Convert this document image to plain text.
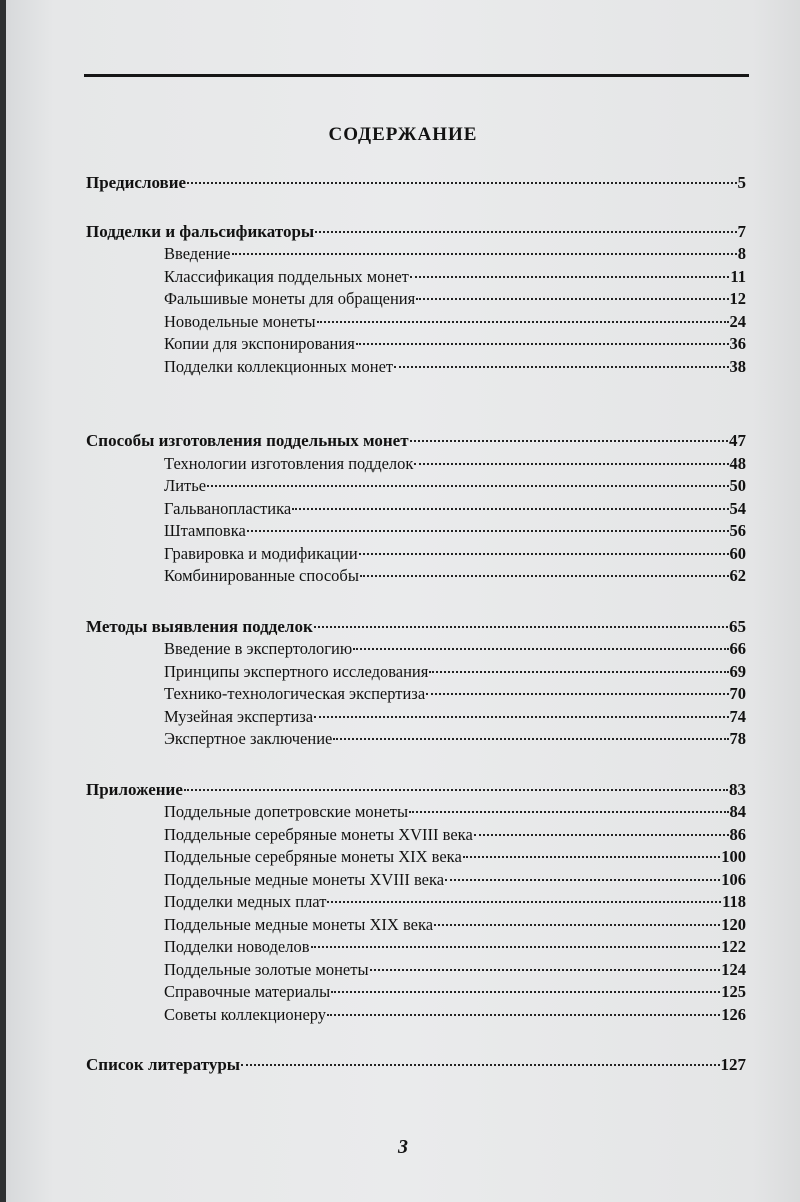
СОДЕРЖАНИЕ
Предисловие	5
Подделки и фальсификаторы	7
Введение	8
Классификация поддельных монет	11
Фальшивые монеты для обращения	12
Новодельные монеты	24
Копии для экспонирования	36
Подделки коллекционных монет	38
Способы изготовления поддельных монет	47
Технологии изготовления подделок	48
Литье	50
Гальванопластика	54
Штамповка	56
Гравировка и модификации	60
Комбинированные способы	62
Методы выявления подделок	65
Введение в экспертологию	66
Принципы экспертного исследования	69
Технико-технологическая экспертиза	70
Музейная экспертиза	74
Экспертное заключение	78
Приложение	83
Поддельные допетровские монеты	84
Поддельные серебряные монеты XVIII века	86
Поддельные серебряные монеты XIX века	100
Поддельные медные монеты XVIII века	106
Подделки медных плат	118
Поддельные медные монеты XIX века	120
Подделки новоделов	122
Поддельные золотые монеты	124
Справочные материалы	125
Советы коллекционеру	126
Список литературы	127
3
